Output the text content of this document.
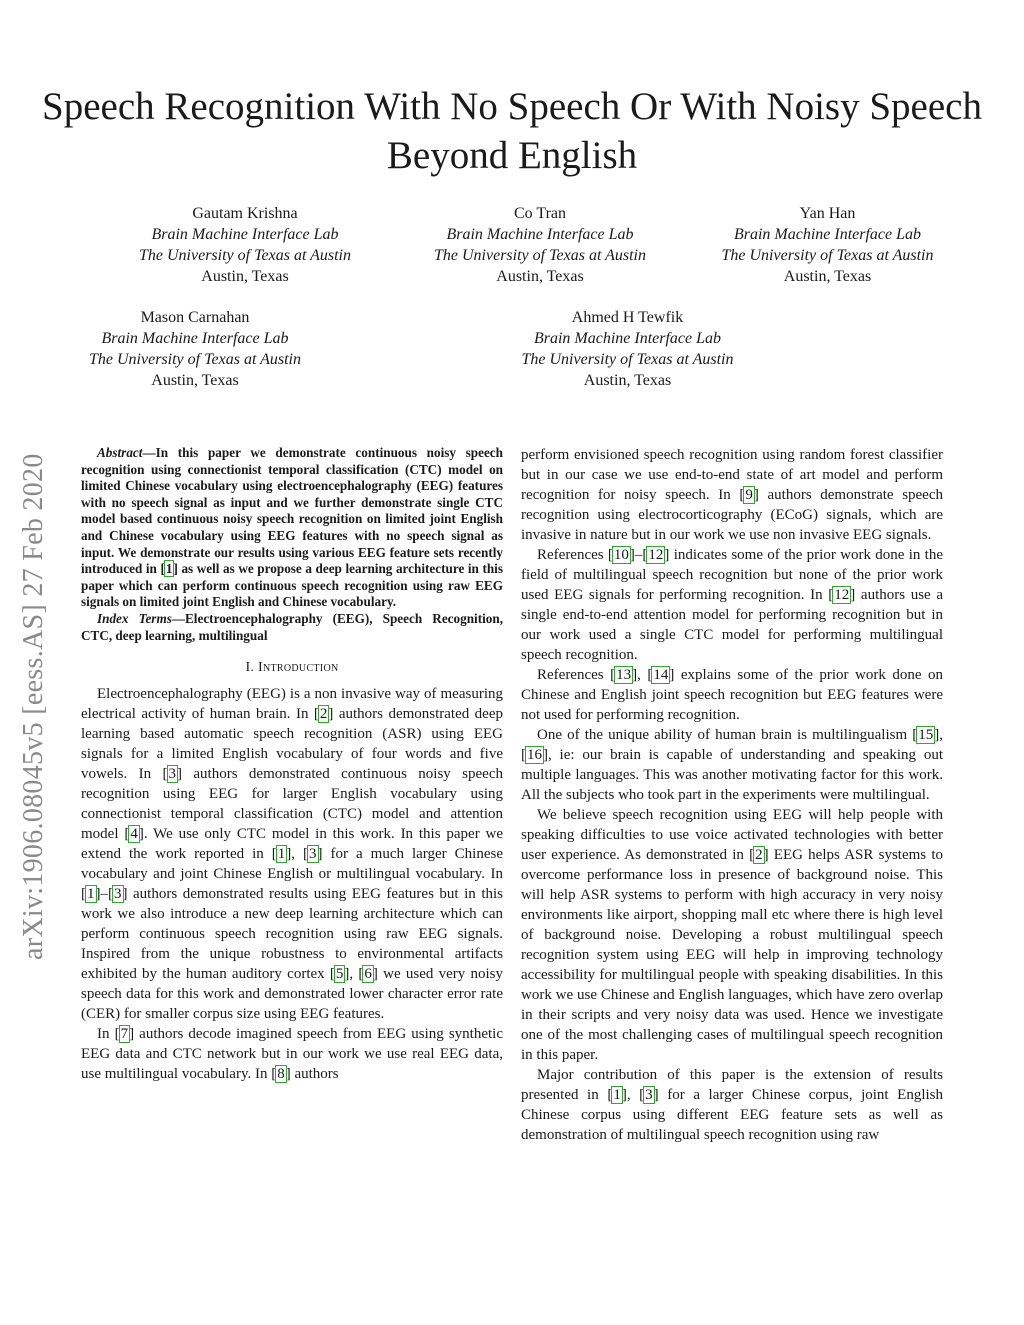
Speech Recognition With No Speech Or With Noisy Speech Beyond English
Gautam Krishna
Brain Machine Interface Lab
The University of Texas at Austin
Austin, Texas
Co Tran
Brain Machine Interface Lab
The University of Texas at Austin
Austin, Texas
Yan Han
Brain Machine Interface Lab
The University of Texas at Austin
Austin, Texas
Mason Carnahan
Brain Machine Interface Lab
The University of Texas at Austin
Austin, Texas
Ahmed H Tewfik
Brain Machine Interface Lab
The University of Texas at Austin
Austin, Texas
arXiv:1906.08045v5 [eess.AS] 27 Feb 2020

Abstract—In this paper we demonstrate continuous noisy speech recognition using connectionist temporal classification (CTC) model on limited Chinese vocabulary using electroencephalography (EEG) features with no speech signal as input and we further demonstrate single CTC model based continuous noisy speech recognition on limited joint English and Chinese vocabulary using EEG features with no speech signal as input. We demonstrate our results using various EEG feature sets recently introduced in [1] as well as we propose a deep learning architecture in this paper which can perform continuous speech recognition using raw EEG signals on limited joint English and Chinese vocabulary.

Index Terms—Electroencephalography (EEG), Speech Recognition, CTC, deep learning, multilingual

I. Introduction

Electroencephalography (EEG) is a non invasive way of measuring electrical activity of human brain. In [2] authors demonstrated deep learning based automatic speech recognition (ASR) using EEG signals for a limited English vocabulary of four words and five vowels. In [3] authors demonstrated continuous noisy speech recognition using EEG for larger English vocabulary using connectionist temporal classification (CTC) model and attention model [4]. We use only CTC model in this work. In this paper we extend the work reported in [1], [3] for a much larger Chinese vocabulary and joint Chinese English or multilingual vocabulary. In [1]–[3] authors demonstrated results using EEG features but in this work we also introduce a new deep learning architecture which can perform continuous speech recognition using raw EEG signals. Inspired from the unique robustness to environmental artifacts exhibited by the human auditory cortex [5], [6] we used very noisy speech data for this work and demonstrated lower character error rate (CER) for smaller corpus size using EEG features.

In [7] authors decode imagined speech from EEG using synthetic EEG data and CTC network but in our work we use real EEG data, use multilingual vocabulary. In [8] authors

perform envisioned speech recognition using random forest classifier but in our case we use end-to-end state of art model and perform recognition for noisy speech. In [9] authors demonstrate speech recognition using electrocorticography (ECoG) signals, which are invasive in nature but in our work we use non invasive EEG signals.

References [10]–[12] indicates some of the prior work done in the field of multilingual speech recognition but none of the prior work used EEG signals for performing recognition. In [12] authors use a single end-to-end attention model for performing recognition but in our work used a single CTC model for performing multilingual speech recognition.

References [13], [14] explains some of the prior work done on Chinese and English joint speech recognition but EEG features were not used for performing recognition.

One of the unique ability of human brain is multilingualism [15], [16], ie: our brain is capable of understanding and speaking out multiple languages. This was another motivating factor for this work. All the subjects who took part in the experiments were multilingual.

We believe speech recognition using EEG will help people with speaking difficulties to use voice activated technologies with better user experience. As demonstrated in [2] EEG helps ASR systems to overcome performance loss in presence of background noise. This will help ASR systems to perform with high accuracy in very noisy environments like airport, shopping mall etc where there is high level of background noise. Developing a robust multilingual speech recognition system using EEG will help in improving technology accessibility for multilingual people with speaking disabilities. In this work we use Chinese and English languages, which have zero overlap in their scripts and very noisy data was used. Hence we investigate one of the most challenging cases of multilingual speech recognition in this paper.

Major contribution of this paper is the extension of results presented in [1], [3] for a larger Chinese corpus, joint English Chinese corpus using different EEG feature sets as well as demonstration of multilingual speech recognition using raw
